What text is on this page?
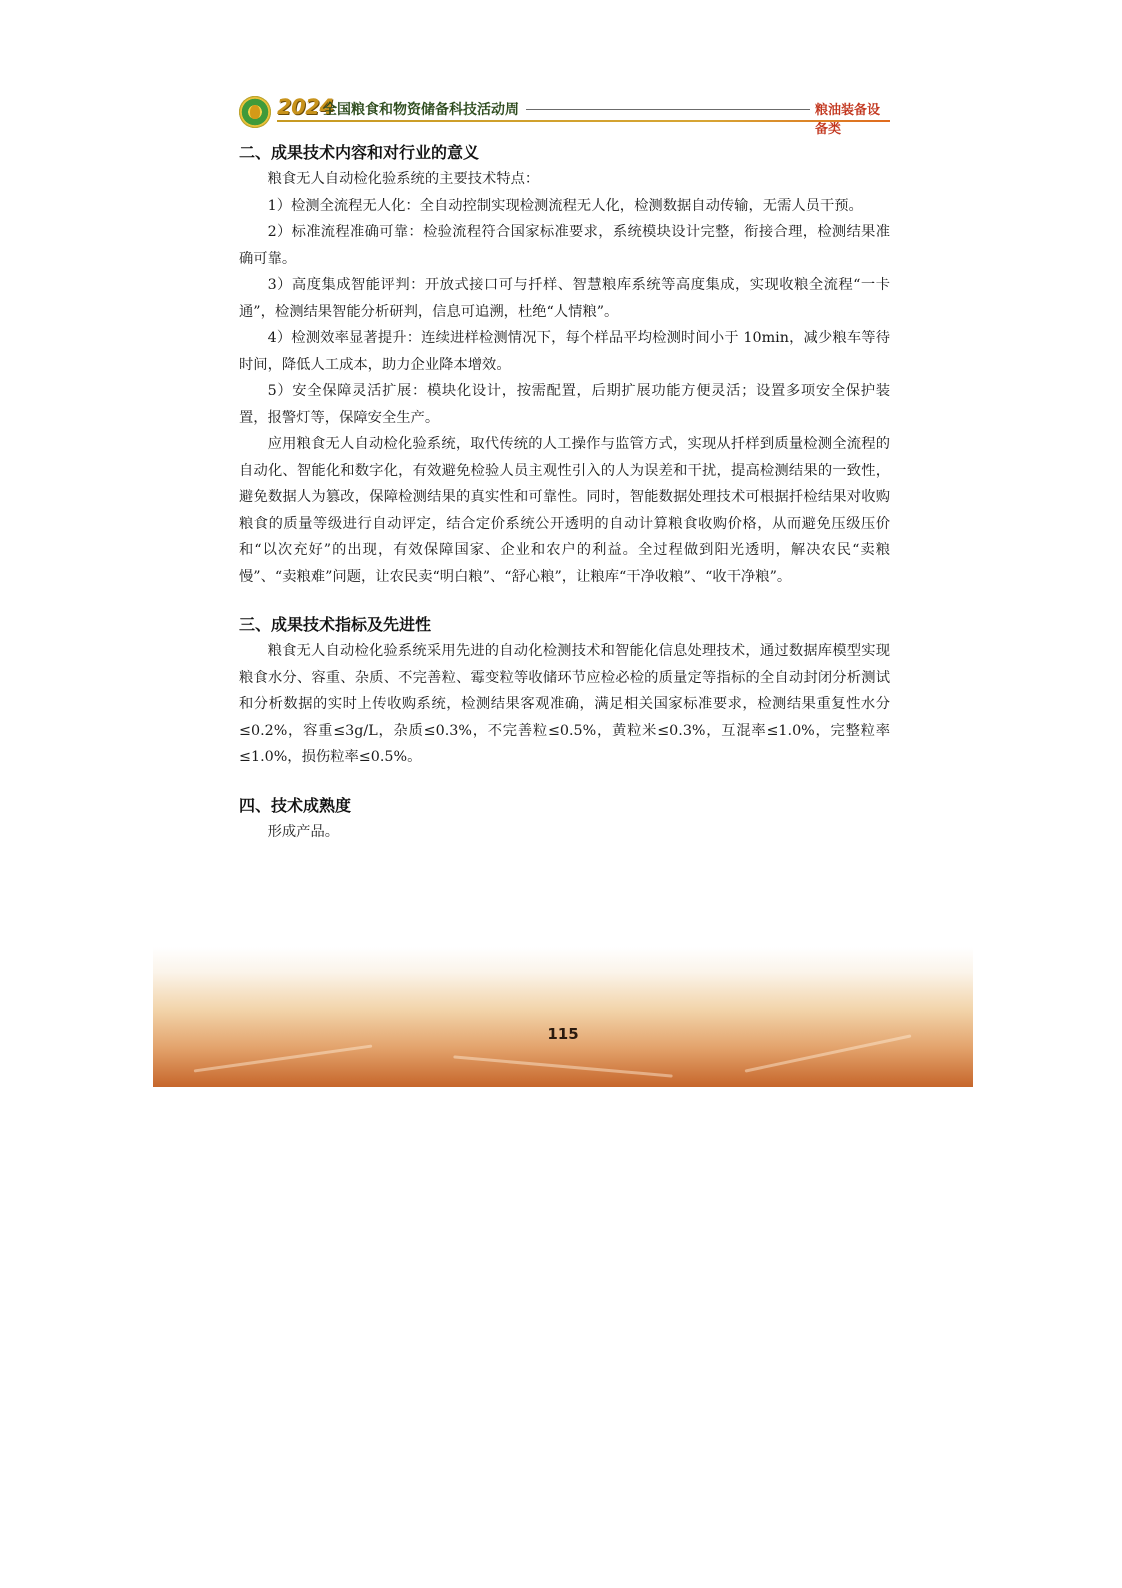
2024
全国粮食和物资储备科技活动周	粮油装备设备类
二、成果技术内容和对行业的意义

粮食无人自动检化验系统的主要技术特点：

1）检测全流程无人化：全自动控制实现检测流程无人化，检测数据自动传输，无需人员干预。

2）标准流程准确可靠：检验流程符合国家标准要求，系统模块设计完整，衔接合理，检测结果准确可靠。

3）高度集成智能评判：开放式接口可与扦样、智慧粮库系统等高度集成，实现收粮全流程“一卡通”，检测结果智能分析研判，信息可追溯，杜绝“人情粮”。

4）检测效率显著提升：连续进样检测情况下，每个样品平均检测时间小于 10min，减少粮车等待时间，降低人工成本，助力企业降本增效。

5）安全保障灵活扩展：模块化设计，按需配置，后期扩展功能方便灵活；设置多项安全保护装置，报警灯等，保障安全生产。

应用粮食无人自动检化验系统，取代传统的人工操作与监管方式，实现从扦样到质量检测全流程的自动化、智能化和数字化，有效避免检验人员主观性引入的人为误差和干扰，提高检测结果的一致性，避免数据人为篡改，保障检测结果的真实性和可靠性。同时，智能数据处理技术可根据扦检结果对收购粮食的质量等级进行自动评定，结合定价系统公开透明的自动计算粮食收购价格，从而避免压级压价和“以次充好”的出现，有效保障国家、企业和农户的利益。全过程做到阳光透明，解决农民“卖粮慢”、“卖粮难”问题，让农民卖“明白粮”、“舒心粮”，让粮库“干净收粮”、“收干净粮”。

三、成果技术指标及先进性

粮食无人自动检化验系统采用先进的自动化检测技术和智能化信息处理技术，通过数据库模型实现粮食水分、容重、杂质、不完善粒、霉变粒等收储环节应检必检的质量定等指标的全自动封闭分析测试和分析数据的实时上传收购系统，检测结果客观准确，满足相关国家标准要求，检测结果重复性水分≤0.2%，容重≤3g/L，杂质≤0.3%，不完善粒≤0.5%，黄粒米≤0.3%，互混率≤1.0%，完整粒率≤1.0%，损伤粒率≤0.5%。

四、技术成熟度

形成产品。

115
